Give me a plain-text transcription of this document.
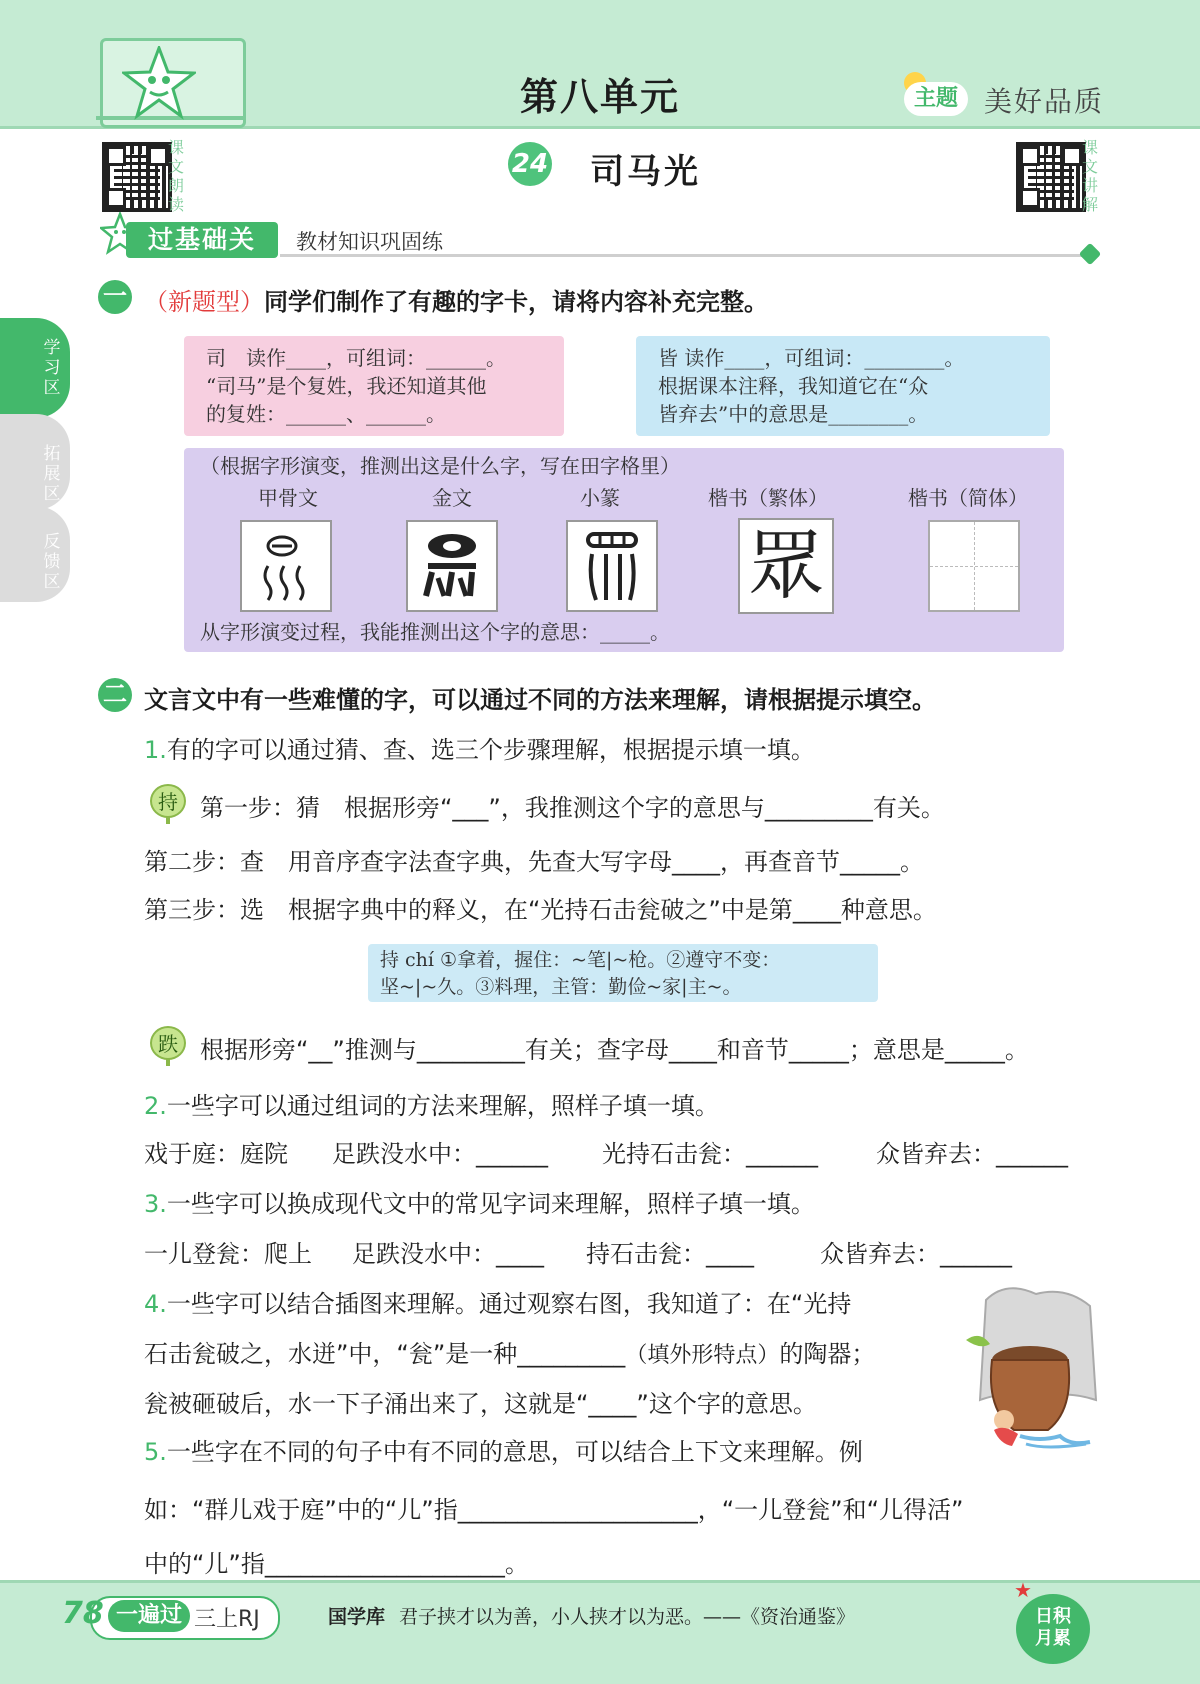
第八单元	主题 美好品质
课文朗读
24 司马光
课文讲解
过基础关	教材知识巩固练
学习区
拓展区
反馈区
一 （新题型）同学们制作了有趣的字卡，请将内容补充完整。
司　读作____，可组词：______。
“司马”是个复姓，我还知道其他
的复姓：______、______。
皆 读作____，可组词：________。
根据课本注释，我知道它在“众
皆弃去”中的意思是________。
（根据字形演变，推测出这是什么字，写在田字格里）
甲骨文	金文	小篆	楷书（繁体）	楷书（简体）
眾
从字形演变过程，我能推测出这个字的意思：_____。
二 文言文中有一些难懂的字，可以通过不同的方法来理解，请根据提示填空。
1.有的字可以通过猜、查、选三个步骤理解，根据提示填一填。
持 第一步：猜　根据形旁“___”，我推测这个字的意思与_________有关。
第二步：查　用音序查字法查字典，先查大写字母____，再查音节_____。
第三步：选　根据字典中的释义，在“光持石击瓮破之”中是第____种意思。
持 chí ①拿着，握住：~笔|~枪。②遵守不变：
坚~|~久。③料理，主管：勤俭~家|主~。
跌 根据形旁“__”推测与_________有关；查字母____和音节_____；意思是_____。
2.一些字可以通过组词的方法来理解，照样子填一填。
戏于庭：庭院 足跌没水中：______ 光持石击瓮：______ 众皆弃去：______
3.一些字可以换成现代文中的常见字词来理解，照样子填一填。
一儿登瓮：爬上 足跌没水中：____ 持石击瓮：____	众皆弃去：______
4.一些字可以结合插图来理解。通过观察右图，我知道了：在“光持
石击瓮破之，水迸”中，“瓮”是一种_________（填外形特点）的陶器；
瓮被砸破后，水一下子涌出来了，这就是“____”这个字的意思。
5.一些字在不同的句子中有不同的意思，可以结合上下文来理解。例
如：“群儿戏于庭”中的“儿”指____________________，“一儿登瓮”和“儿得活”
中的“儿”指____________________。
78 一遍过 三上RJ	国学库 君子挟才以为善，小人挟才以为恶。——《资治通鉴》
★
日积
月累
